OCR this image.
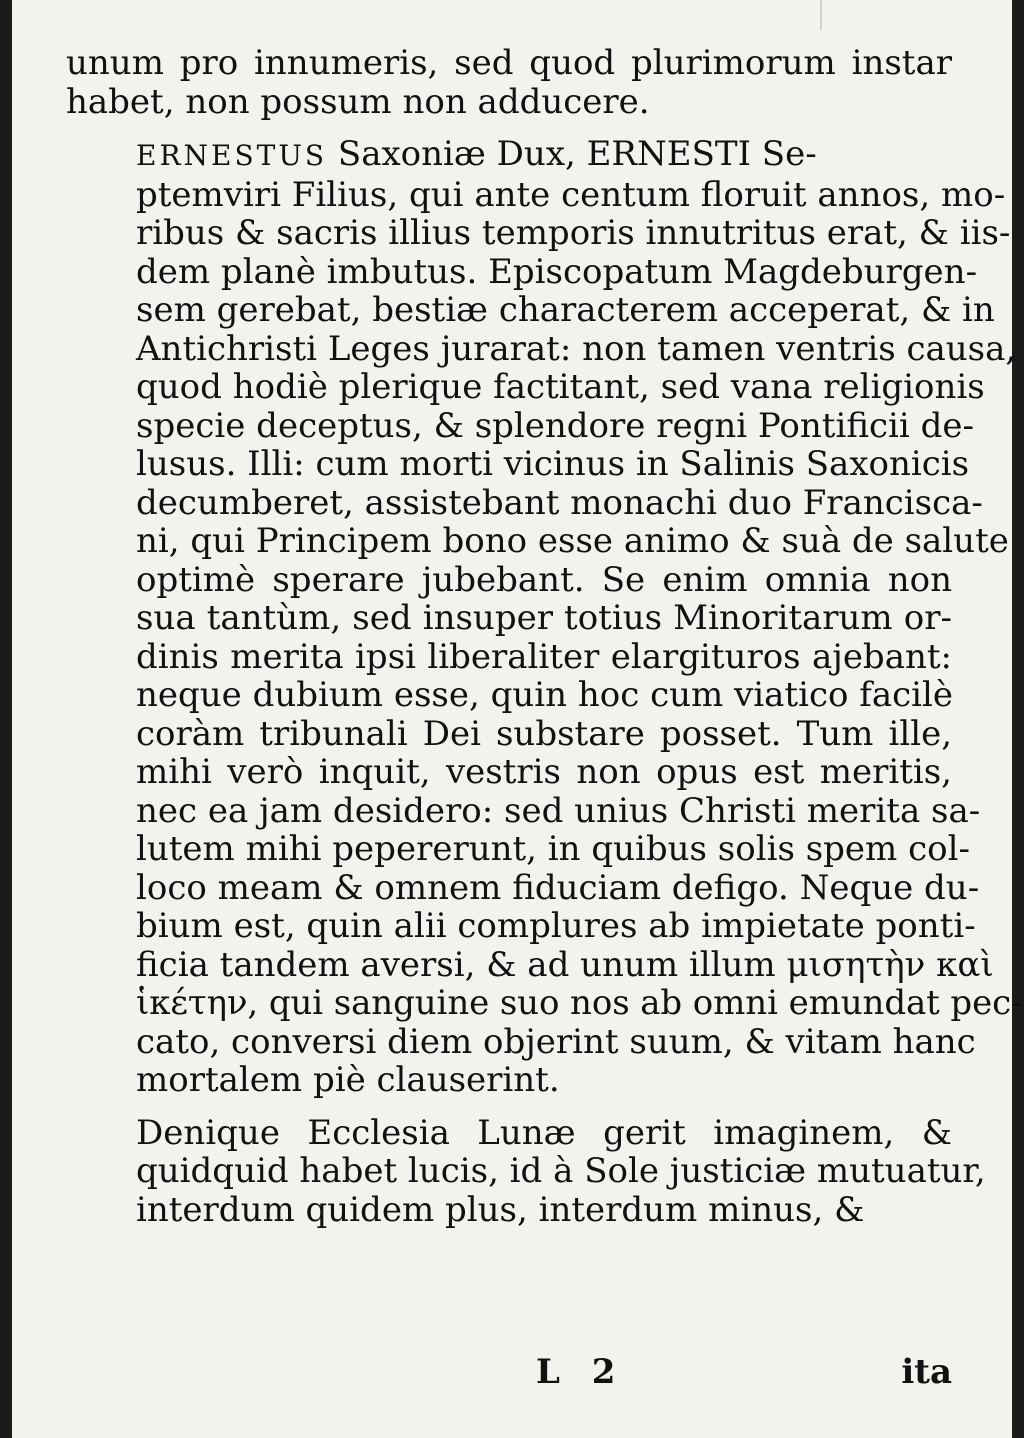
unum pro innumeris, sed quod plurimorum instar
habet, non possum non adducere.

ERNESTUS Saxoniæ Dux, ERNESTI Se-

ptemviri Filius, qui ante centum floruit annos, mo-
ribus & sacris illius temporis innutritus erat, & iis-
dem planè imbutus. Episcopatum Magdeburgen-
sem gerebat, bestiæ characterem acceperat, & in
Antichristi Leges jurarat: non tamen ventris causa,
quod hodiè plerique factitant, sed vana religionis
specie deceptus, & splendore regni Pontificii de-
lusus. Illi: cum morti vicinus in Salinis Saxonicis
decumberet, assistebant monachi duo Francisca-
ni, qui Principem bono esse animo & suà de salute
optimè sperare jubebant. Se enim omnia non
sua tantùm, sed insuper totius Minoritarum or-
dinis merita ipsi liberaliter elargituros ajebant:
neque dubium esse, quin hoc cum viatico facilè
coràm tribunali Dei substare posset. Tum ille,
mihi verò inquit, vestris non opus est meritis,
nec ea jam desidero: sed unius Christi merita sa-
lutem mihi pepererunt, in quibus solis spem col-
loco meam & omnem fiduciam defigo. Neque du-
bium est, quin alii complures ab impietate ponti-
ficia tandem aversi, & ad unum illum μισητὴν καὶ
ἱκέτην, qui sanguine suo nos ab omni emundat pec-
cato, conversi diem objerint suum, & vitam hanc
mortalem piè clauserint.

Denique Ecclesia Lunæ gerit imaginem, &
quidquid habet lucis, id à Sole justiciæ mutuatur,
interdum quidem plus, interdum minus, &

L 2	ita
